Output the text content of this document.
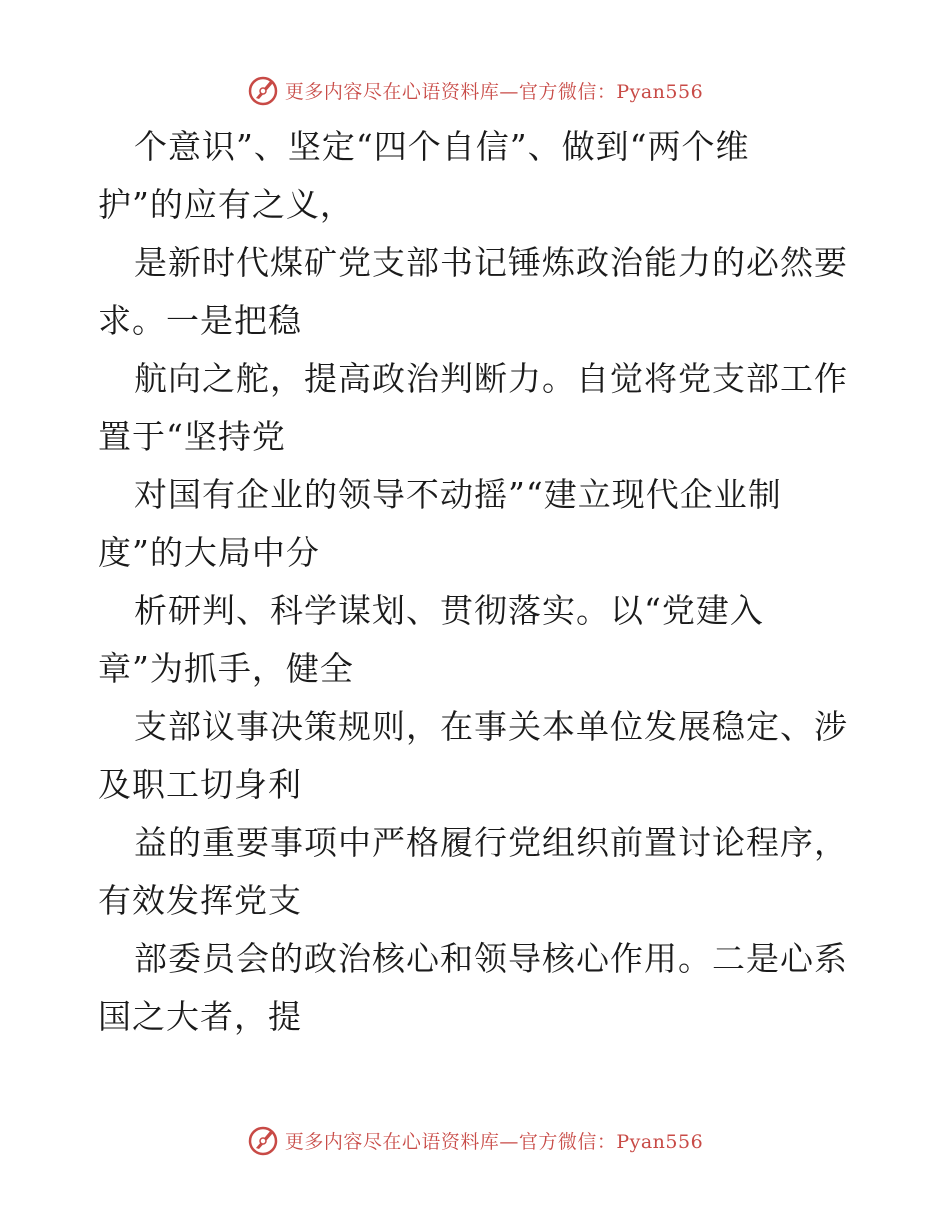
更多内容尽在心语资料库—官方微信：Pyan556
个意识”、坚定“四个自信”、做到“两个维
护”的应有之义，
是新时代煤矿党支部书记锤炼政治能力的必然要
求。一是把稳
航向之舵，提高政治判断力。自觉将党支部工作
置于“坚持党
对国有企业的领导不动摇”“建立现代企业制
度”的大局中分
析研判、科学谋划、贯彻落实。以“党建入
章”为抓手，健全
支部议事决策规则，在事关本单位发展稳定、涉
及职工切身利
益的重要事项中严格履行党组织前置讨论程序，
有效发挥党支
部委员会的政治核心和领导核心作用。二是心系
国之大者，提
更多内容尽在心语资料库—官方微信：Pyan556
